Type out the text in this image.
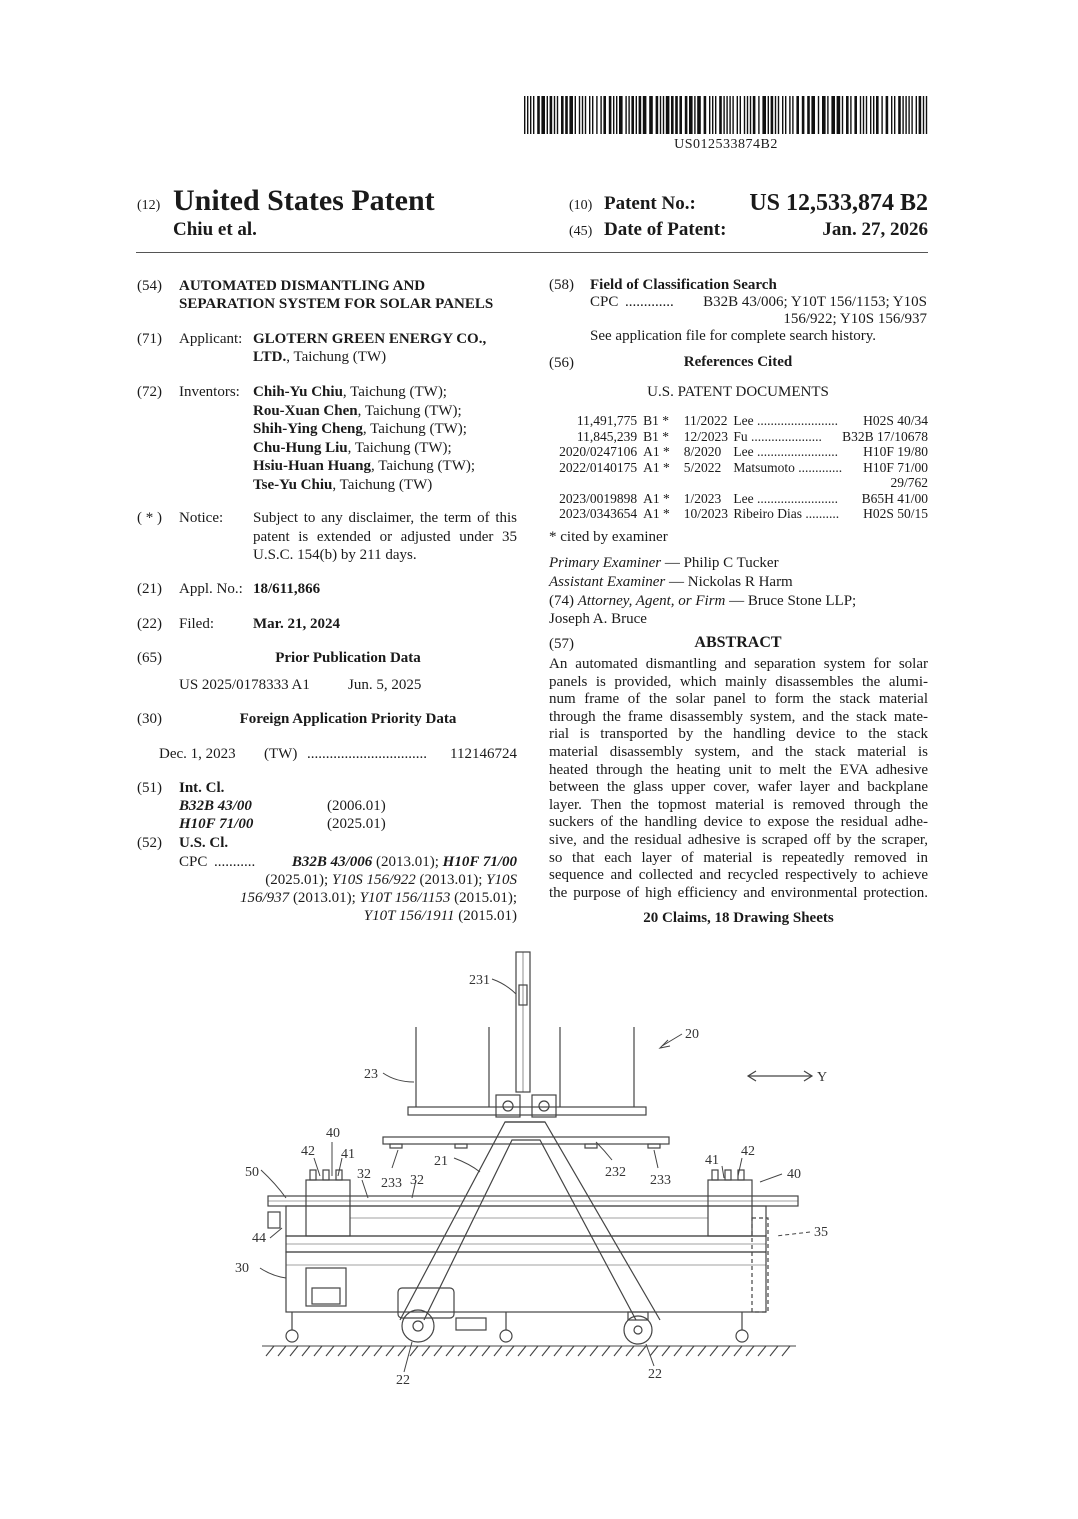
US012533874B2
(12) United States Patent
Chiu et al.
(10) Patent No.:	US 12,533,874 B2
(45) Date of Patent:	Jan. 27, 2026
(54) AUTOMATED DISMANTLING AND
SEPARATION SYSTEM FOR SOLAR PANELS
(71) Applicant: GLOTERN GREEN ENERGY CO.,
LTD., Taichung (TW)
(72) Inventors: Chih-Yu Chiu, Taichung (TW);
Rou-Xuan Chen, Taichung (TW);
Shih-Ying Cheng, Taichung (TW);
Chu-Hung Liu, Taichung (TW);
Hsiu-Huan Huang, Taichung (TW);
Tse-Yu Chiu, Taichung (TW)
( * ) Notice: Subject to any disclaimer, the term of this
patent is extended or adjusted under 35
U.S.C. 154(b) by 211 days.
(21) Appl. No.: 18/611,866
(22) Filed:	Mar. 21, 2024
(65)	Prior Publication Data
US 2025/0178333 A1	Jun. 5, 2025
(30)	Foreign Application Priority Data
Dec. 1, 2023 (TW) ................................	112146724
(51) Int. Cl.
B32B 43/00	(2006.01)
H10F 71/00	(2025.01)
(52) U.S. Cl.
CPC ...........	B32B 43/006 (2013.01); H10F 71/00
(2025.01); Y10S 156/922 (2013.01); Y10S
156/937 (2013.01); Y10T 156/1153 (2015.01);
Y10T 156/1911 (2015.01)
(58) Field of Classification Search
CPC .............	B32B 43/006; Y10T 156/1153; Y10S
156/922; Y10S 156/937
See application file for complete search history.
(56)	References Cited
U.S. PATENT DOCUMENTS
11,491,775	B1 *	11/2022	Lee ........................	H02S 40/34
11,845,239	B1 *	12/2023	Fu .....................	B32B 17/10678
2020/0247106	A1 *	8/2020	Lee ........................	H10F 19/80
2022/0140175	A1 *	5/2022	Matsumoto .............	H10F 71/00
				29/762
2023/0019898	A1 *	1/2023	Lee ........................	B65H 41/00
2023/0343654	A1 *	10/2023	Ribeiro Dias ..........	H02S 50/15
* cited by examiner
Primary Examiner — Philip C Tucker
Assistant Examiner — Nickolas R Harm
(74) Attorney, Agent, or Firm — Bruce Stone LLP;
Joseph A. Bruce
(57)	ABSTRACT
An automated dismantling and separation system for solar
panels is provided, which mainly disassembles the alumi-
num frame of the solar panel to form the stack material
through the frame disassembly system, and the stack mate-
rial is transported by the handling device to the stack
material disassembly system, and the stack material is
heated through the heating unit to melt the EVA adhesive
between the glass upper cover, wafer layer and backplane
layer. Then the topmost material is removed through the
suckers of the handling device to expose the residual adhe-
sive, and the residual adhesive is scraped off by the scraper,
so that each layer of material is repeatedly removed in
sequence and collected and recycled respectively to achieve
the purpose of high efficiency and environmental protection.
20 Claims, 18 Drawing Sheets
231
20
23	Y
40
42 41
50	32
233 32
21
232
233
41
42
40
44	35
30
22	22
